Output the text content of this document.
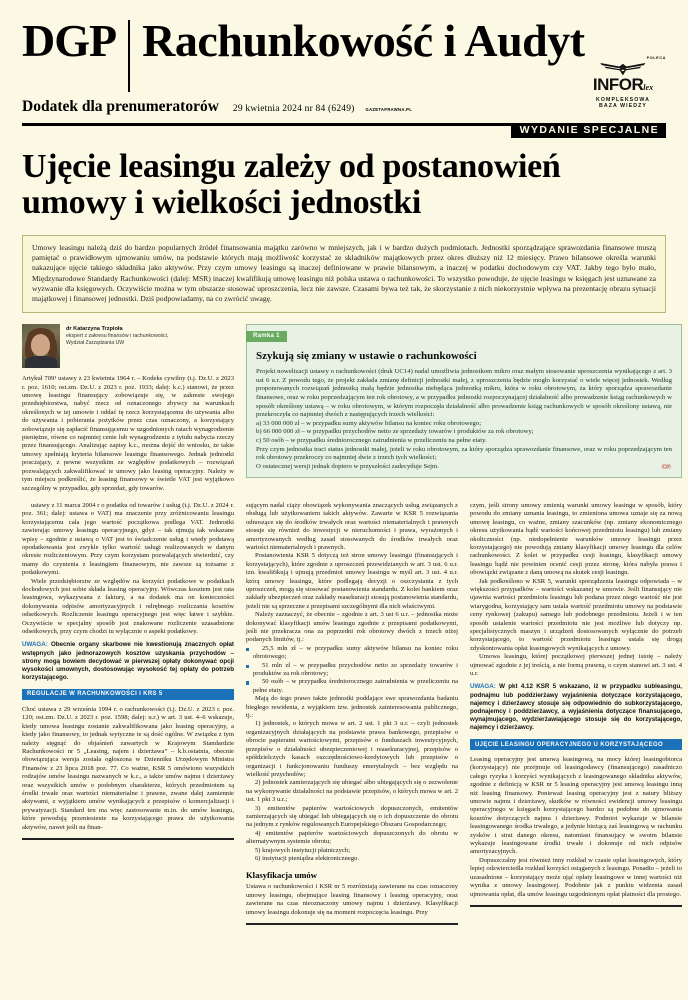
DGP Rachunkowość i Audyt
Dodatek dla prenumeratorów 29 kwietnia 2024 nr 84 (6249)	GAZETAPRAWNA.PL
POLECA
INFORlex
KOMPLEKSOWA
BAZA WIEDZY
WYDANIE SPECJALNE
Ujęcie leasingu zależy od postanowień umowy i wielkości jednostki
Umowy leasingu należą dziś do bardzo popularnych źródeł finansowania majątku zarówno w mniejszych, jak i w bardzo dużych podmiotach. Jednostki sporządzające sprawozdania finansowe muszą pamiętać o prawidłowym ujmowaniu umów, na podstawie których mają możliwość korzystać ze składników majątkowych przez okres dłuższy niż 12 miesięcy. Prawo bilansowe określa warunki nakazujące ujęcie takiego składnika jako aktywów. Przy czym umowy leasingu są inaczej definiowane w prawie bilansowym, a inaczej w podatku dochodowym czy VAT. Jakby tego było mało, Międzynarodowe Standardy Rachunkowości (dalej: MSR) inaczej kwalifikują umowę leasingu niż polska ustawa o rachunkowości. To wszystko powoduje, że ujęcie leasingu w księgach jest uznawane za wyzwanie dla księgowych. Oczywiście można w tym obszarze stosować uproszczenia, lecz nie zawsze. Czasami bywa też tak, że skorzystanie z nich niekorzystnie wpływa na prezentację obrazu sytuacji majątkowej i finansowej jednostki. Dziś podpowiadamy, na co zwrócić uwagę.
dr Katarzyna Trzpioła
ekspert z zakresu finansów i rachunkowości,
Wydział Zarządzania UW

Artykuł 709¹ ustawy z 23 kwietnia 1964 r. – Kodeks cywilny (t.j. Dz.U. z 2023 r. poz. 1610; ost.zm. Dz.U. z 2023 r. poz. 1933; dalej: k.c.) stanowi, że przez umowę leasingu finansujący zobowiązuje się, w zakresie swojego przedsiębiorstwa, nabyć rzecz od oznaczonego zbywcy na warunkach określonych w tej umowie i oddać tę rzecz korzystającemu do używania albo do używania i pobierania pożytków przez czas oznaczony, a korzystający zobowiązuje się zapłacić finansującemu w uzgodnionych ratach wynagrodzenie pieniężne, równe co najmniej cenie lub wynagrodzeniu z tytułu nabycia rzeczy przez finansującego. Analizując zapisy k.c., można dojść do wniosku, że takie umowy spełniają kryteria bilansowe leasingu finansowego. Jednak jednostki posczający, z pewne wszystkim ze względów podatkowych – rozwiązań pozwalających zakwalifikować te umowy jako leasing operacyjny. Należy w tym miejscu podkreślić, że leasing finansowy w świetle VAT jest wyjątkowo szczególny w przypadku, gdy sprzedaż, gdy towarów.

Ramka 1
Szykują się zmiany w ustawie o rachunkowości

Projekt nowelizacji ustawy o rachunkowości (druk UC14) nadal umożliwia jednostkom mikro oraz małym stosowanie uproszczenia wynikającego z art. 3 ust 6 u.r. Z powodu tego, że projekt zakłada zmianę definicji jednostki małej, z uproszczenia będzie mogło korzystać o wiele więcej jednostek. Według proponowanych rozwiązań jednostką małą będzie jednostka niebędąca jednostką mikro, która w roku obrotowym, za który sporządza sprawozdanie finansowe, oraz w roku poprzedzającym ten rok obrotowy, a w przypadku jednostki rozpoczynającej działalność albo prowadzenie ksiąg rachunkowych w sposób określony ustawą – w roku obrotowym, w którym rozpoczęła działalność albo prowadzenie ksiąg rachunkowych w sposób określony ustawą, nie przekroczyła co najmniej dwóch z następujących trzech wielkości:

a) 33 000 000 zł – w przypadku sumy aktywów bilansu na koniec roku obrotowego;

b) 66 000 000 zł – w przypadku przychodów netto ze sprzedaży towarów i produktów za rok obrotowy;

c) 50 osób – w przypadku średniorocznego zatrudnienia w przeliczeniu na pełne etaty.

Przy czym jednostka traci status jednostki małej, jeżeli w roku obrotowym, za który sporządza sprawozdanie finansowe, oraz w roku poprzedzającym ten rok obrotowy przekroczy co najmniej dwie z trzech tych wielkości;

O ostatecznej wersji jednak dopiero w przyszłości zadecyduje Sejm.	©℗

ustawy z 11 marca 2004 r o podatku od towarów i usług (t.j. Dz.U. z 2024 r. poz. 361; dalej: ustawa o VAT) ma znaczenie przy zróżnicowaniu leasingu korzystającemu cała jego wartość początkowa podlega VAT. Jednostki zawierając umowy leasingu operacyjnego, gdyż – tak ujmują tak wskazane wpisy – zgodnie z ustawą o VAT jest to świadczenie usług i wtedy podstawą opodatkowania jest zwykle tylko wartość usługi realizowanych w danym okresie rozliczeniowym. Przy czym korzystam pozwalających stwierdzić, czy mamy do czynienia z leasingiem finansowym, nie zawsze są tożsame z podatkowymi.

Wiele przedsiębiorstw ze względów na korzyści podatkowe w podatkach dochodowych jest sobie składa leasing operacyjny. Wówczas kosztem jest rata leasingowa, wykazywana z faktury, a na dodatek ma on konieczności dokonywania odpisów amortyzacyjnych i odrębnego rozliczania kosztów odsetkowych. Rozliczenie leasingu operacyjnego jest więc łatwe i szybkie. Oczywiście w specjalny sposób jest znakowane rozliczenie uzasadnione odsetkowych, przy czym chodzi tu wyłącznie o aspekt podatkowy.

UWAGA: Obecnie organy skarbowe nie kwestionują znacznych opłat wstępnych jako jednorazowych kosztów uzyskania przychodów – strony mogą bowiem decydować w pierwszej opłaty dokonywać opcji wysokości umownych, dostosowując wysokość tej opłaty do potrzeb korzystającego.
REGULACJE W RACHUNKOWOŚCI I KRS 5

Choć ustawa z 29 września 1994 r. o rachunkowości (t.j. Dz.U. z 2023 r. poz. 120; ost.zm. Dz.U. z 2023 r. poz. 1598; dalej: u.r.) w art. 3 ust. 4–6 wskazuje, kiedy umowa leasingu zostanie zakwalifikowana jako leasing operacyjny, a kiedy jako finansowy, to jednak wytyczne te są dość ogólne. W związku z tym należy sięgnąć do objaśnień zawartych w Krajowym Standardzie Rachunkowości nr 5 „Leasing, najem i dzierżawa” – k.b.ostatnia, obecnie obowiązująca wersja została ogłoszona w Dzienniku Urzędowym Ministra Finansów z 23 lipca 2018 poz. 77. Co ważne, KSR 5 omówiono wszystkich rodzajów umów leasingu nazwanych w k.c., a także umów najmu i dzierżawy oraz wszystkich umów o podobnym charakterze, których przedmiotem są środki trwałe oraz wartości niematerialne i prawne, zwane dalej zamiennie aktywami, z wyjątkiem umów wynikających z przepisów o komercjalizacji i prywatyzacji. Standard ten ma więc zastosowanie m.in. do umów leasingu, które powodują przeniesienie na korzystającego prawa do użytkowania aktywów, nawet jeśli na finan-

sującym nadal ciąży obowiązek wykonywania znaczących usług związanych z obsługą lub użytkowaniem takich aktywów. Zawarte w KSR 5 rozwiązania odnoszące się do środków trwałych oraz wartości niematerialnych i prawnych stosuje się również do inwestycji w nieruchomości i prawa, wyrażonych i amortyzowanych według zasad stosowanych do środków trwałych oraz wartości niematerialnych i prawnych.

Postanowienia KSR 5 dotyczą też stron umowy leasingu (finansujących i korzystających), które zgodnie z uproszczeń przewidzianych w art. 3 ust. 6 u.r. tzn. kwalifikują i ujmują przedmiot umowy leasingu w myśl art. 3 ust. 4 u.r. którą umowy leasingu, które podlegają decyzji o oszczystania z tych uproszczeń, mogą się stosować postanowienia standardu. Z kolei bankiem oraz zakłady ubezpieczeń oraz zakłady reasekuracji stosują postanowienia standardu, jeżeli nie są sprzeczne z przepisami szczególnymi dla nich właściwymi.

Należy zaznaczyć, że obecnie – zgodnie z art. 3 ust 6 u.r. – jednostka może dokonywać klasyfikacji umów leasingu zgodnie z przepisami podatkowymi, jeśli nie przekracza ona za poprzedni rok obrotowy dwóch z trzech niżej podanych limitów, tj.:

25,5 mln zł – w przypadku sumy aktywów bilansu na koniec roku obrotowego;

51 mln zł – w przypadku przychodów netto ze sprzedaży towarów i produktów za rok obrotowy;

50 osób – w przypadku średniorocznego zatrudnienia w przeliczeniu na pełne etaty.

Mają do tego prawo także jednostki poddające swe sprawozdania badaniu biegłego rewidenta, z wyjątkiem tzw. jednostek zainteresowania publicznego, tj.:

1) jednostek, o których mowa w art. 2 ust. 1 pkt 3 u.r. – czyli jednostek organizacyjnych działających na podstawie prawa bankowego, przepisów o obrocie papierami wartościowymi, przepisów o funduszach inwestycyjnych, przepisów o działalności ubezpieczeniowej i reasekuracyjnej, przepisów o spółdzielczych kasach oszczędnościowo-kredytowych lub przepisów o organizacji i funkcjonowaniu funduszy emerytalnych – bez względu na wielkość przychodów;

2) jednostek zamierzających się ubiegać albo ubiegających się o zezwolenie na wykonywanie działalności na podstawie przepisów, o których mowa w art. 2 ust. 1 pkt 3 u.r.;

3) emitentów papierów wartościowych dopuszczonych, emitentów zamierzających się ubiegać lub ubiegających się o ich dopuszczenie do obrotu na jednym z rynków regulowanych Europejskiego Obszaru Gospodarczego;

4) emitentów papierów wartościowych dopuszczonych do obrotu w alternatywnym systemie obrotu;

5) krajowych instytucji płatniczych;

6) instytucji pieniądza elektronicznego.

Klasyfikacja umów

Ustawa o rachunkowości i KSR nr 5 rozróżniają zawierane na czas oznaczony umowy leasingu, obejmujące leasing finansowy i leasing operacyjny, oraz zawierane na czas nieoznaczony umowy najmu i dzierżawy. Klasyfikacji umowy leasingu dokonuje się na moment rozpoczęcia leasingu. Przy

czym, jeśli strony umowy zmienią warunki umowy leasingu w sposób, który powodu do zmiany uznania leasingu, to zmieniona umowa uznaje się za nową umowę leasingu, co ważne, zmiany szacunków (np. zmiany ekonomicznego okresu użytkowania bądź wartości końcowej przedmiotu leasingu) lub zmiany okoliczności (np. niedopełnienie warunków umowy leasingu przez korzystającego) nie powodują zmiany klasyfikacji umowy leasingu dla celów rachunkowości. Z kolei w przypadku cesji leasingu, klasyfikacji umowy leasingu bądź nie powinien ocenić cesji przez stronę, która nabyła prawa i obowiązki związane z daną umową na skutek cesji leasingu.

Jak podkreślono w KSR 5, warunki sporządzenia leasingu odpowiada – w większości przypadków – wartości wskazanej w umowie. Jeśli finansujący nie ujawnia wartości przedmiotu leasingu lub podana przez niego wartość nie jest wiarygodna, korzystający sam ustala wartość przedmiotu umowy na podstawie ceny rynkowej (zakupu) samego lub podobnego przedmiotu. Jeżeli i w ten sposób ustalenie wartości przedmiotu nie jest możliwe lub dotyczy np. specjalistycznych maszyn i urządzeń dostosowanych wyłącznie do potrzeb korzystającego, to wartość przedmiotu leasingu ustala się drogą zdyskontowania opłat leasingowych wynikających z umowy.

Umowa leasingu, której początkowej pierwszej jednej istotę – należy ujmować zgodnie z jej treścią, a nie formą prawną, o czym stanowi art. 3 ust. 4 u.r.

UWAGA: W pkt 4.12 KSR 5 wskazano, iż w przypadku subleasingu, podnajmu lub poddzierżawy wyjaśnienia dotyczące korzystającego, najemcy i dzierżawcy stosuje się odpowiednio do subkorzystającego, podnajemcy i poddzierżawcy, a wyjaśnienia dotyczące finansującego, wynajmującego, wydzierżawiającego stosuje się do korzystającego, najemcy i dzierżawcy.
UJĘCIE LEASINGU OPERACYJNEGO U KORZYSTAJĄCEGO

Leasing operacyjny jest umową leasingową, na mocy której leasingobiorca (korzystający) nie przejmuje od leasingodawcy (finansującego) zasadniczo całego ryzyka i korzyści wynikających z leasingowanego składnika aktywów, zgodnie z definicją w KSR nr 5 leasing operacyjny jest umową leasingu inną niż leasing finansowy. Ponieważ leasing operacyjny jest z natury bliższy umowie najmu i dzierżawy, skutków w równości ewidencji umowy leasingu operacyjnego w księgach korzystającego bardzo są podobne do ujmowania kosztów dotyczących najmu i dzierżawy. Podmiot wykazuje w bilansie leasingowanego środka trwałego, a jedynie bieżącą zaś leasingową w rachunku zysków i strat danego okresu, natomiast finansujący w swoim bilansie wykazuje leasingowane środki trwałe i dokonuje od nich odpisów amortyzacyjnych.

Dopuszczalny jest również inny rozkład w czasie opłat leasingowych, który lepiej odzwierciedla rozkład korzyści osiąganych z leasingu. Ponadto – jeżeli to uzasadnione – korzystający może ująć opłaty leasingowe w innej wartości niż wynika z umowy leasingowej. Podobnie jak z punktu widzenia zasad ujmowania opłat, dla umów leasingu uzgodnionym opłat płatności dla prostego.
